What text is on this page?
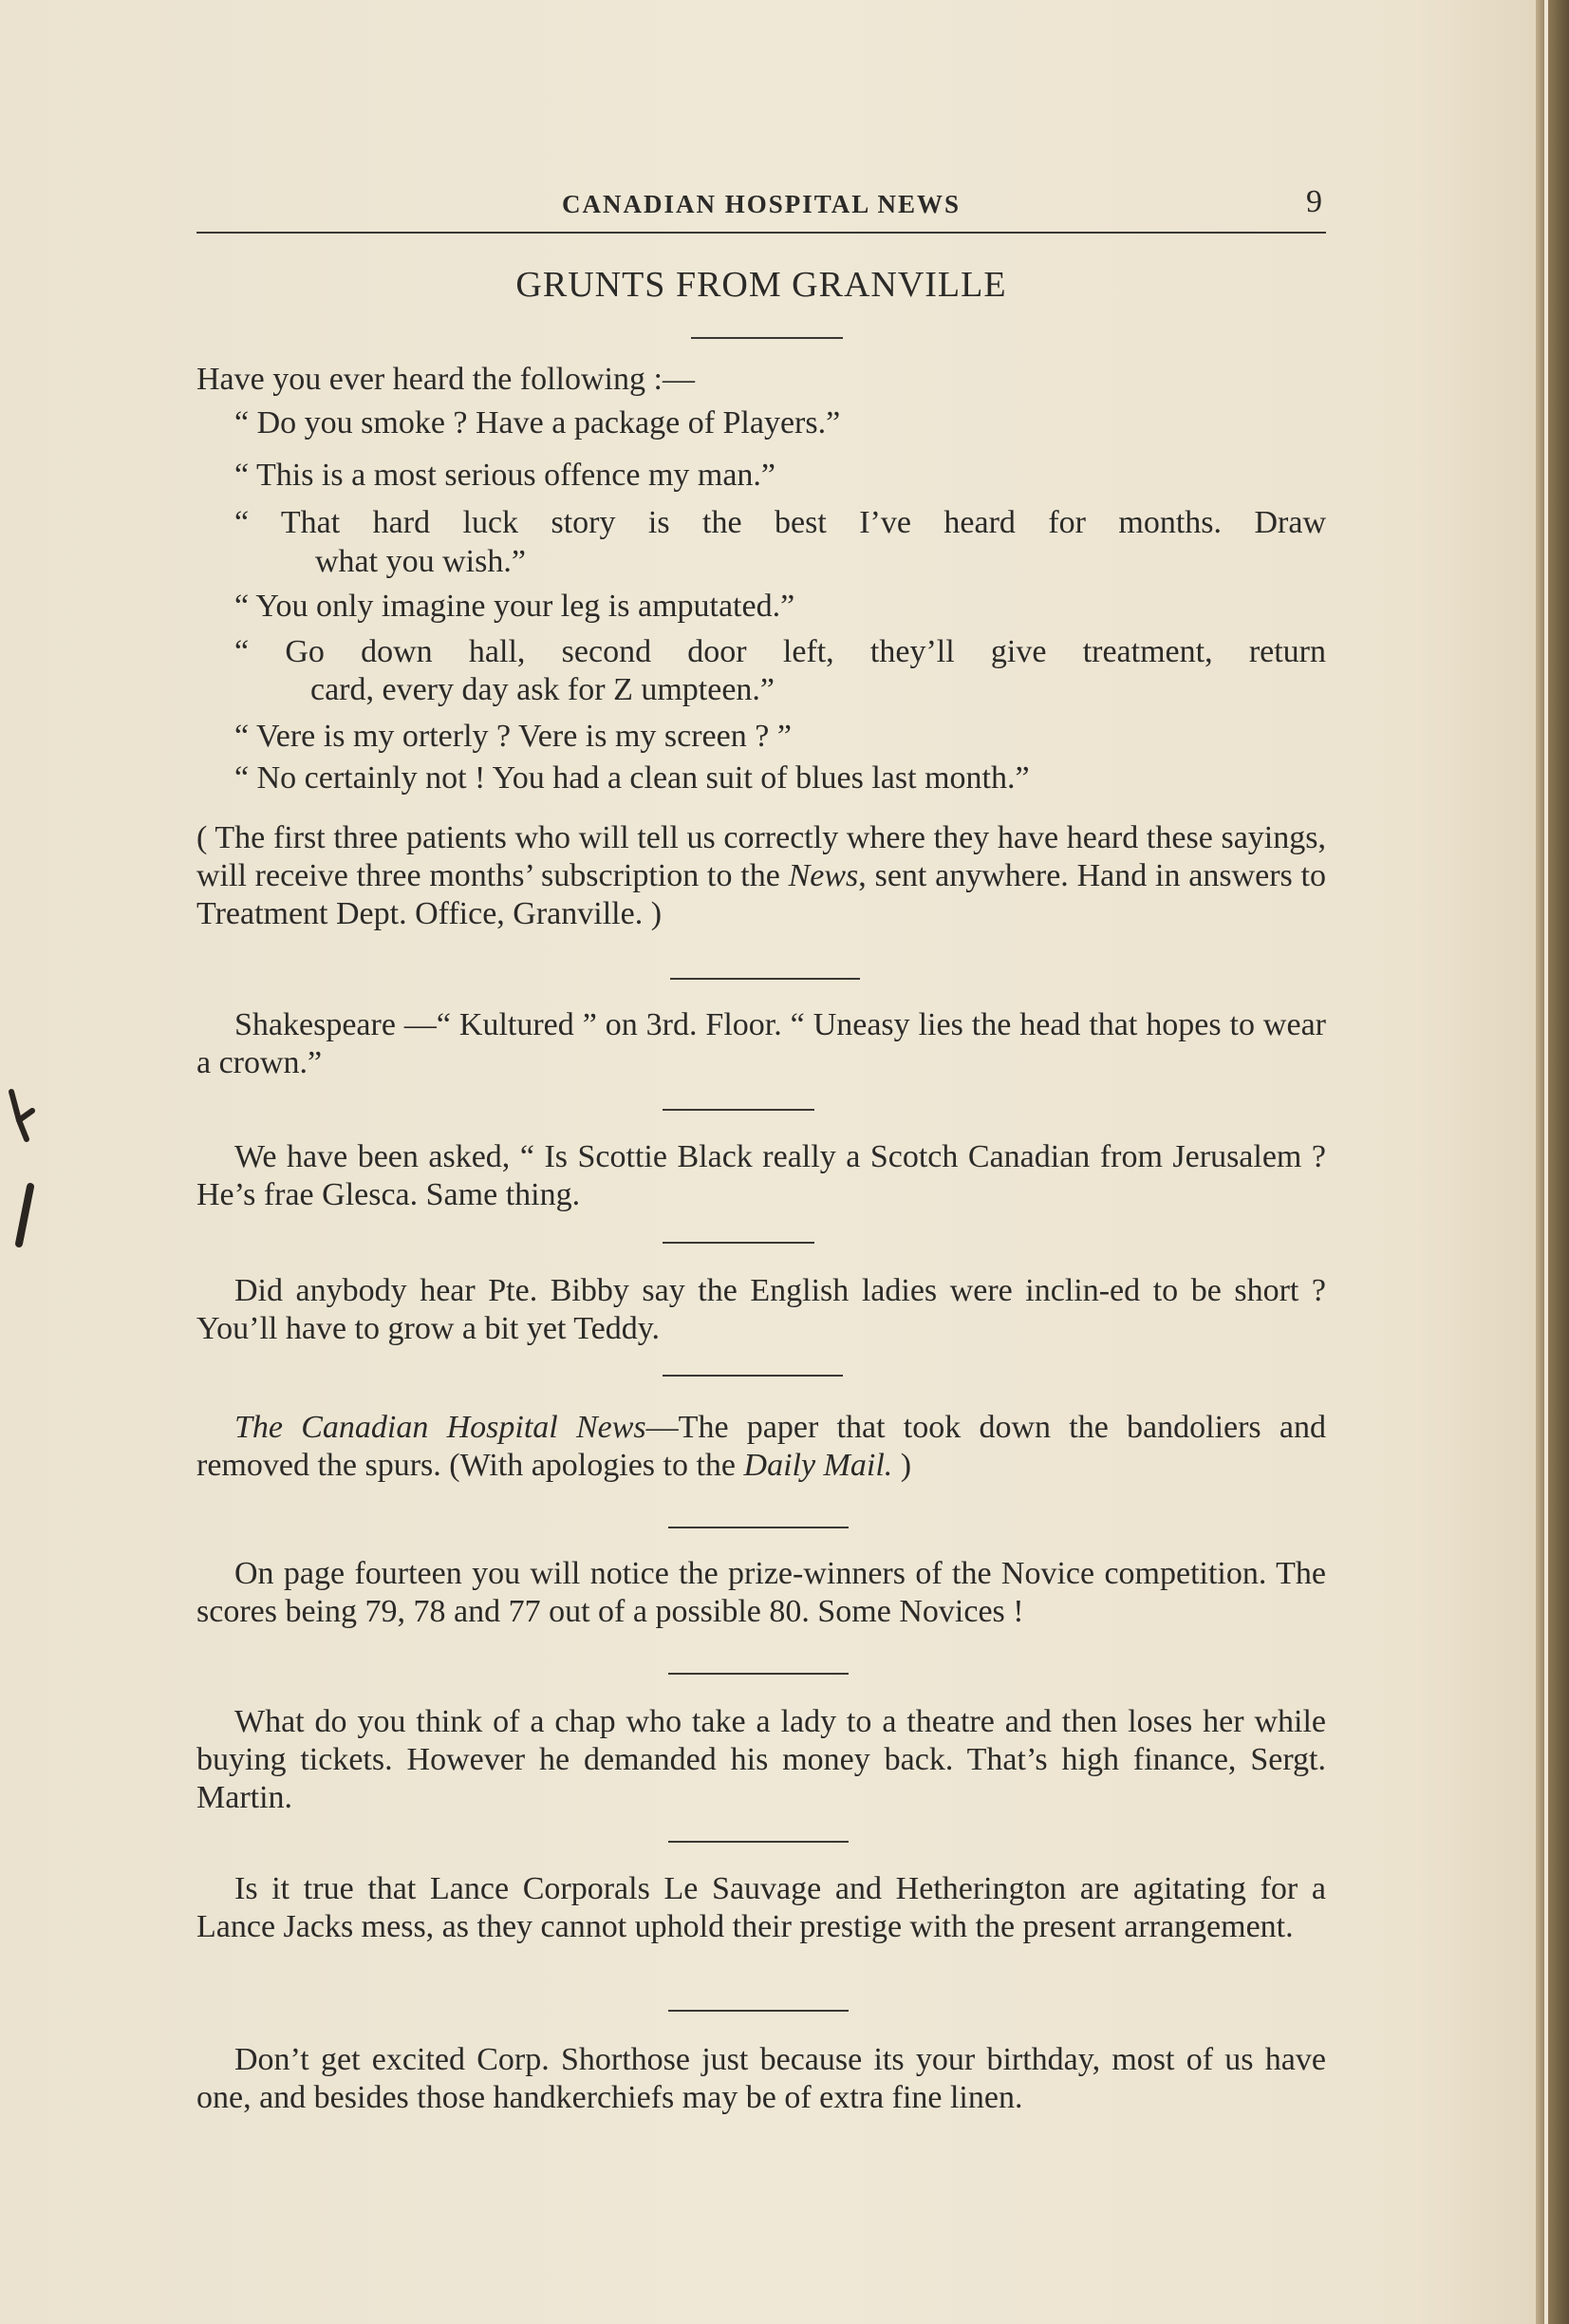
CANADIAN HOSPITAL NEWS	9
GRUNTS FROM GRANVILLE
Have you ever heard the following :—
“ Do you smoke ? Have a package of Players.”
“ This is a most serious offence my man.”
“ That hard luck story is the best I’ve heard for months. Draw
what you wish.”
“ You only imagine your leg is amputated.”
“ Go down hall, second door left, they’ll give treatment, return
card, every day ask for Z umpteen.”
“ Vere is my orterly ? Vere is my screen ? ”
“ No certainly not ! You had a clean suit of blues last month.”
( The first three patients who will tell us correctly where they have heard these sayings, will receive three months’ subscription to the News, sent anywhere. Hand in answers to Treatment Dept. Office, Granville. )
Shakespeare —“ Kultured ” on 3rd. Floor. “ Uneasy lies the head that hopes to wear a crown.”
We have been asked, “ Is Scottie Black really a Scotch Canadian from Jerusalem ? He’s frae Glesca. Same thing.
Did anybody hear Pte. Bibby say the English ladies were inclin-ed to be short ? You’ll have to grow a bit yet Teddy.
The Canadian Hospital News—The paper that took down the bandoliers and removed the spurs. (With apologies to the Daily Mail. )
On page fourteen you will notice the prize-winners of the Novice competition. The scores being 79, 78 and 77 out of a possible 80. Some Novices !
What do you think of a chap who take a lady to a theatre and then loses her while buying tickets. However he demanded his money back. That’s high finance, Sergt. Martin.
Is it true that Lance Corporals Le Sauvage and Hetherington are agitating for a Lance Jacks mess, as they cannot uphold their prestige with the present arrangement.
Don’t get excited Corp. Shorthose just because its your birthday, most of us have one, and besides those handkerchiefs may be of extra fine linen.
